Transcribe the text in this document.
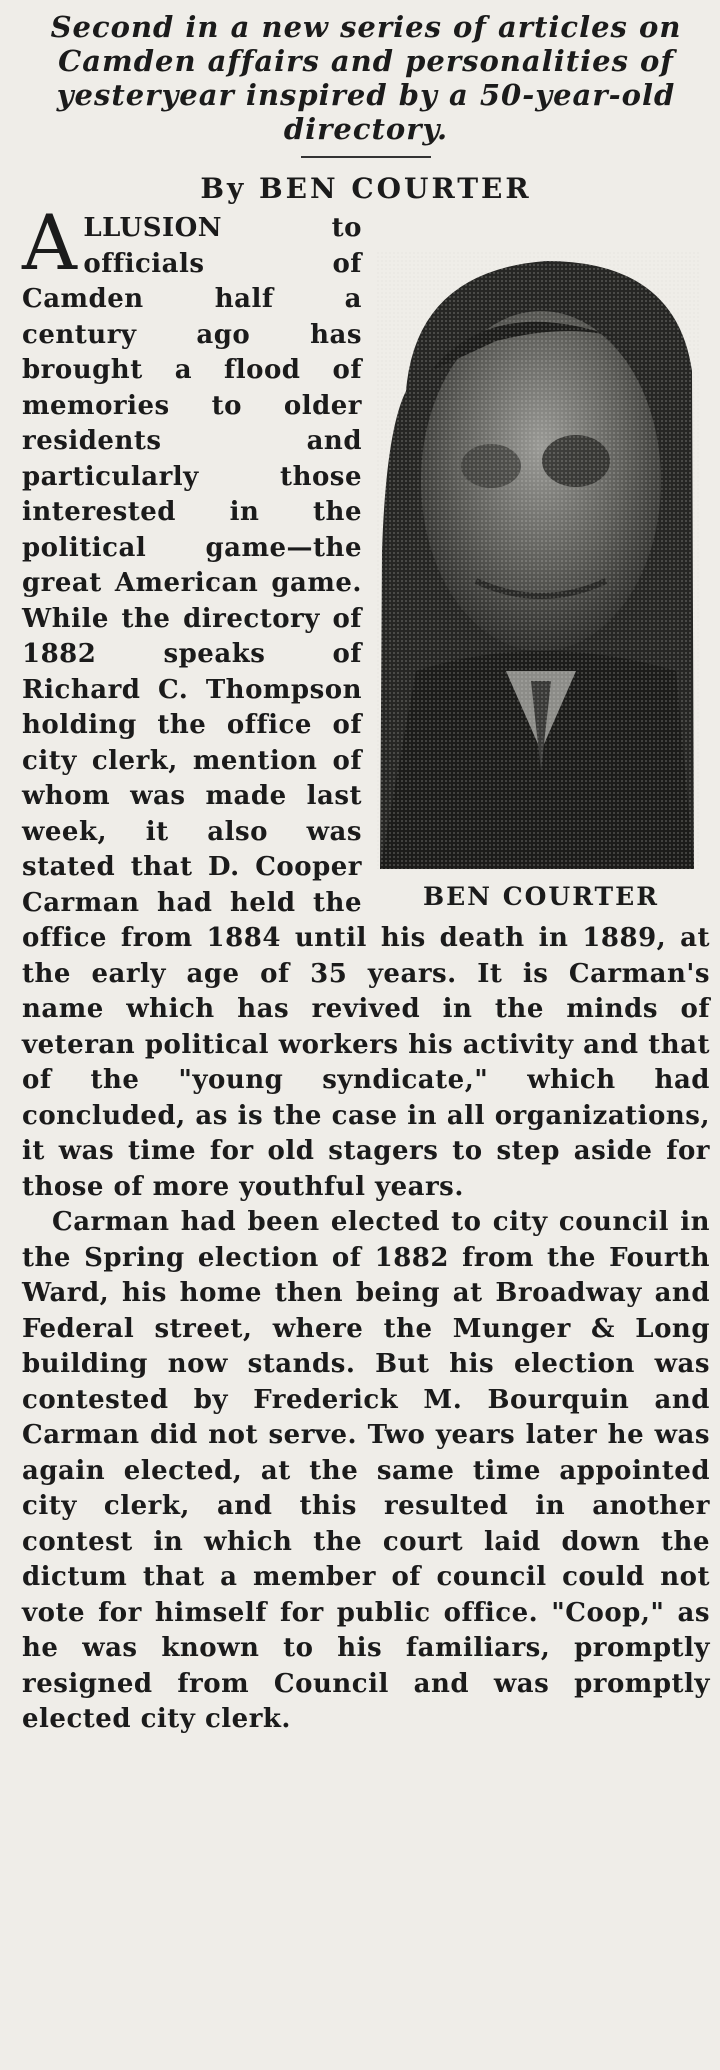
Second in a new series of articles on Camden affairs and personalities of yesteryear inspired by a 50-year-old directory.
By BEN COURTER
BEN COURTER

ALLUSION to officials of Camden half a century ago has brought a flood of memories to older residents and particularly those interested in the political game—the great American game. While the directory of 1882 speaks of Richard C. Thompson holding the office of city clerk, mention of whom was made last week, it also was stated that D. Cooper Carman had held the office from 1884 until his death in 1889, at the early age of 35 years. It is Carman's name which has revived in the minds of veteran political workers his activity and that of the "young syndicate," which had concluded, as is the case in all organizations, it was time for old stagers to step aside for those of more youthful years.

Carman had been elected to city council in the Spring election of 1882 from the Fourth Ward, his home then being at Broadway and Federal street, where the Munger & Long building now stands. But his election was contested by Frederick M. Bourquin and Carman did not serve. Two years later he was again elected, at the same time appointed city clerk, and this resulted in another contest in which the court laid down the dictum that a member of council could not vote for himself for public office. "Coop," as he was known to his familiars, promptly resigned from Council and was promptly elected city clerk.
